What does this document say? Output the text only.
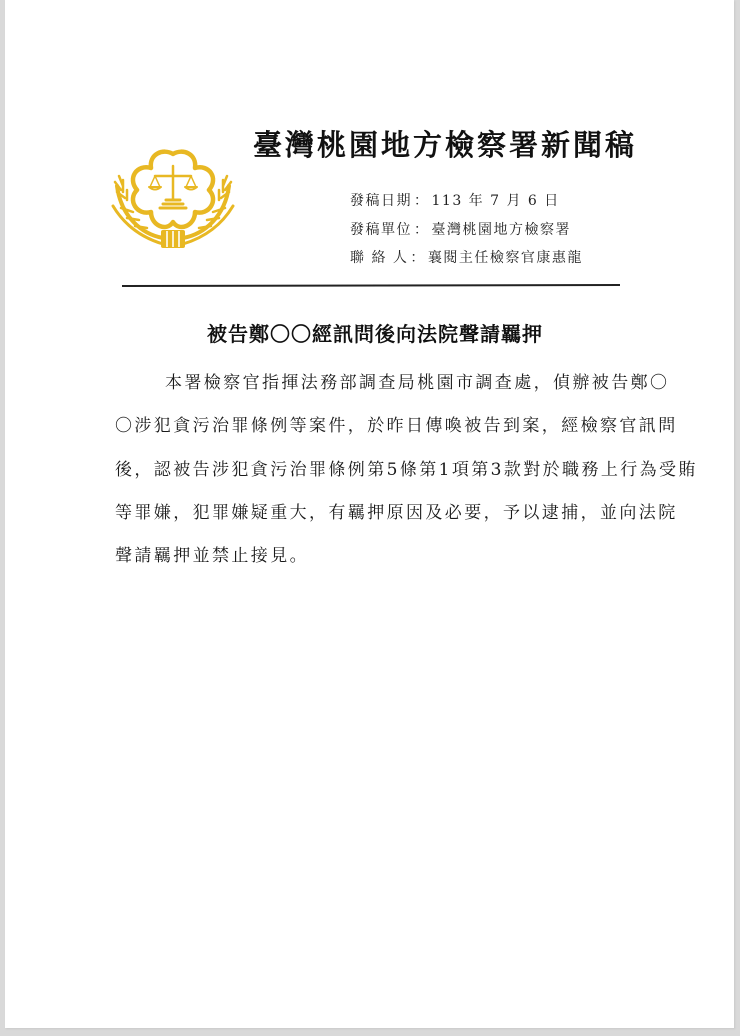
臺灣桃園地方檢察署新聞稿
發稿日期 ： 113 年 7 月 6 日
發稿單位 ： 臺灣桃園地方檢察署
聯 絡 人 ： 襄閱主任檢察官康惠龍
被告鄭〇〇經訊問後向法院聲請羈押
本署檢察官指揮法務部調查局桃園市調查處，偵辦被告鄭〇
〇涉犯貪污治罪條例等案件，於昨日傳喚被告到案，經檢察官訊問
後，認被告涉犯貪污治罪條例第5條第1項第3款對於職務上行為受賄
等罪嫌，犯罪嫌疑重大，有羈押原因及必要，予以逮捕，並向法院
聲請羈押並禁止接見。
